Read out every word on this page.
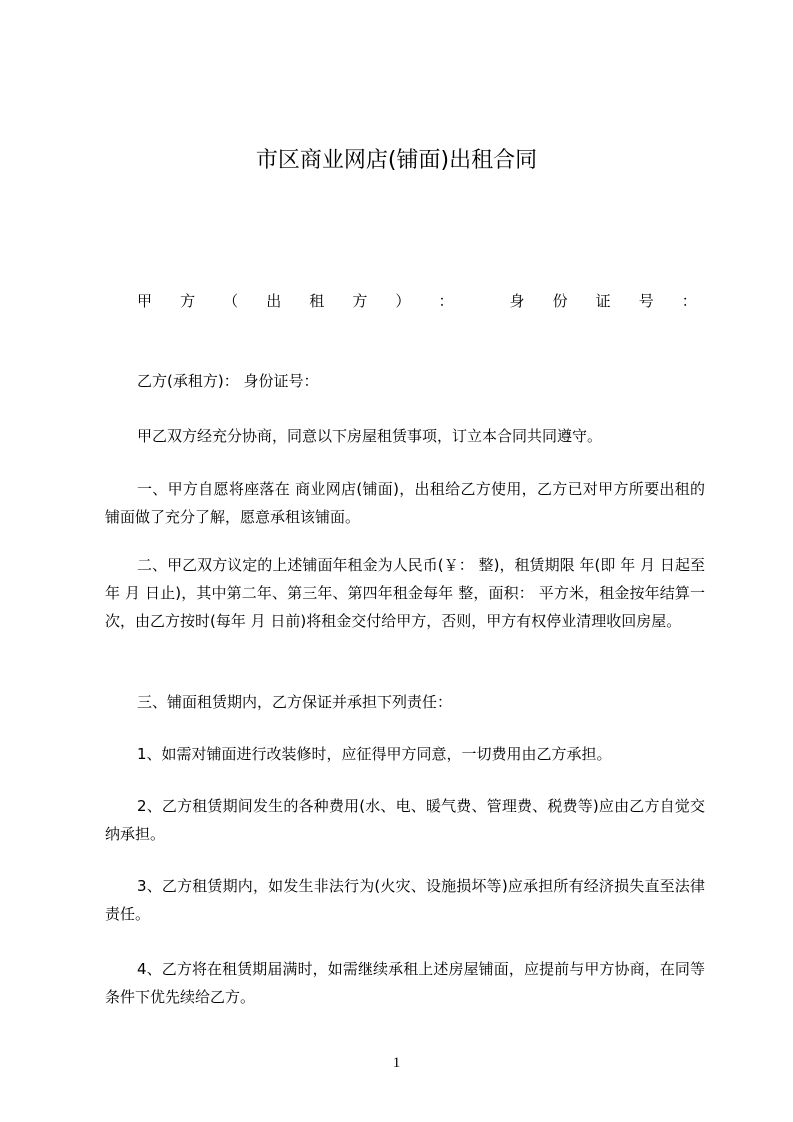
市区商业网店(铺面)出租合同
甲 方 （ 出 租 方 ） ：	身 份 证 号 ：
乙方(承租方)： 身份证号：
甲乙双方经充分协商，同意以下房屋租赁事项，订立本合同共同遵守。
一、甲方自愿将座落在 商业网店(铺面)，出租给乙方使用，乙方已对甲方所要出租的铺面做了充分了解，愿意承租该铺面。
二、甲乙双方议定的上述铺面年租金为人民币(￥： 整)，租赁期限 年(即 年 月 日起至 年 月 日止)，其中第二年、第三年、第四年租金每年 整，面积： 平方米，租金按年结算一次，由乙方按时(每年 月 日前)将租金交付给甲方，否则，甲方有权停业清理收回房屋。
三、铺面租赁期内，乙方保证并承担下列责任：
1、如需对铺面进行改装修时，应征得甲方同意，一切费用由乙方承担。
2、乙方租赁期间发生的各种费用(水、电、暖气费、管理费、税费等)应由乙方自觉交纳承担。
3、乙方租赁期内，如发生非法行为(火灾、设施损坏等)应承担所有经济损失直至法律责任。
4、乙方将在租赁期届满时，如需继续承租上述房屋铺面，应提前与甲方协商，在同等条件下优先续给乙方。
1
